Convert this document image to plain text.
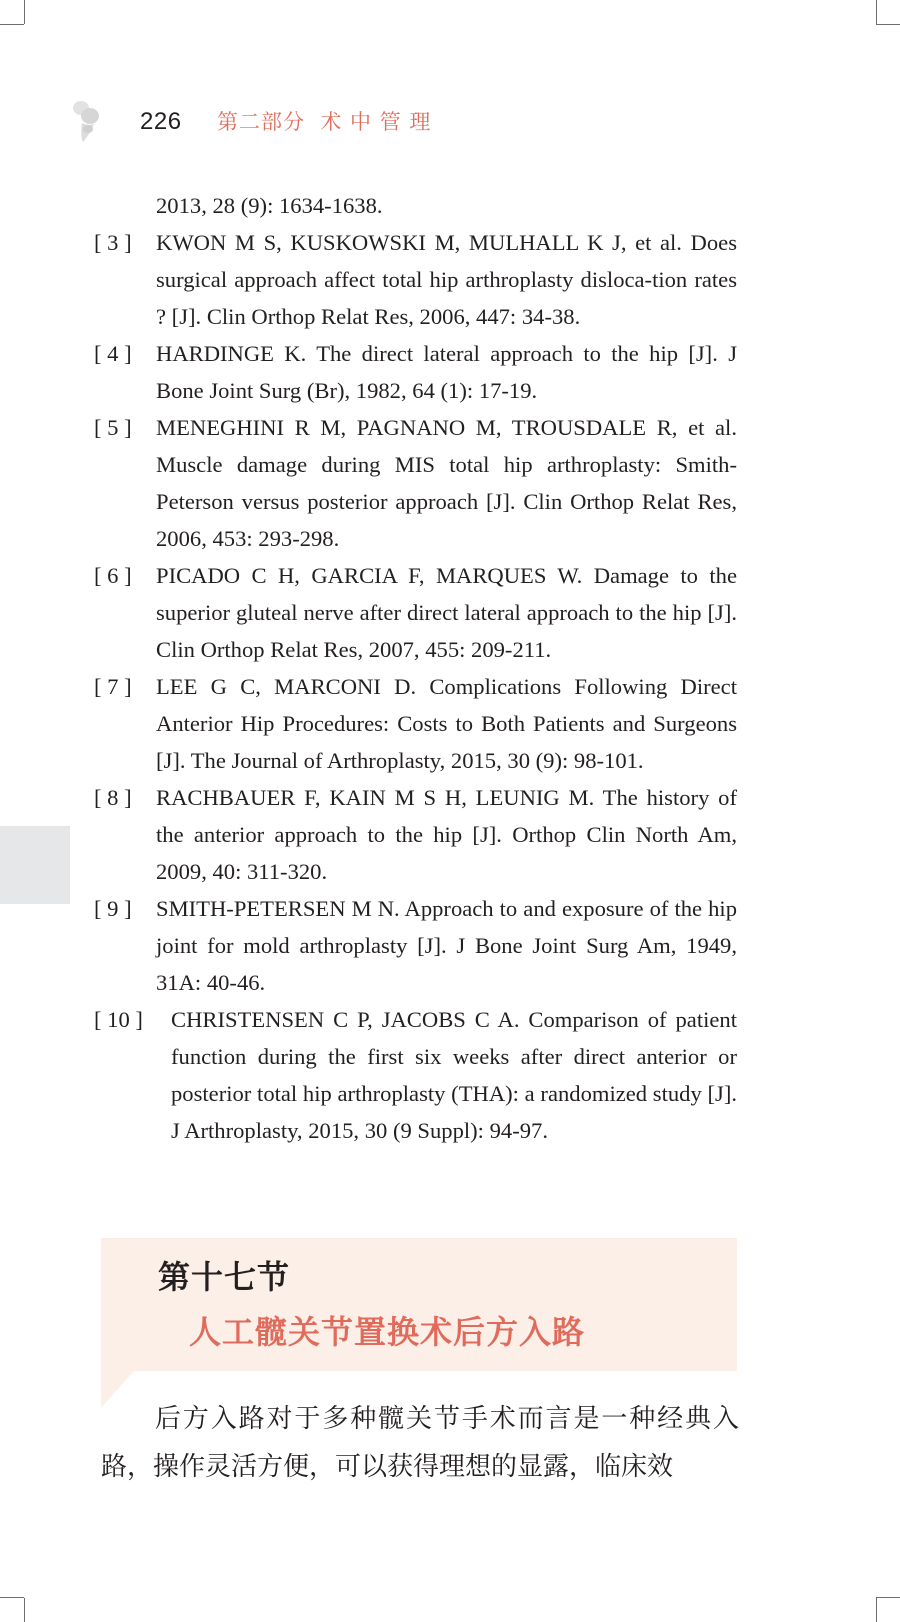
226 第二部分  术 中 管 理
2013, 28 (9): 1634-1638.
[ 3 ] KWON M S, KUSKOWSKI M, MULHALL K J, et al. Does surgical approach affect total hip arthroplasty disloca-tion rates ? [J]. Clin Orthop Relat Res, 2006, 447: 34-38.
[ 4 ] HARDINGE K. The direct lateral approach to the hip [J]. J Bone Joint Surg (Br), 1982, 64 (1): 17-19.
[ 5 ] MENEGHINI R M, PAGNANO M, TROUSDALE R, et al. Muscle damage during MIS total hip arthroplasty: Smith-Peterson versus posterior approach [J]. Clin Orthop Relat Res, 2006, 453: 293-298.
[ 6 ] PICADO C H, GARCIA F, MARQUES W. Damage to the superior gluteal nerve after direct lateral approach to the hip [J]. Clin Orthop Relat Res, 2007, 455: 209-211.
[ 7 ] LEE G C, MARCONI D. Complications Following Direct Anterior Hip Procedures: Costs to Both Patients and Surgeons [J]. The Journal of Arthroplasty, 2015, 30 (9): 98-101.
[ 8 ] RACHBAUER F, KAIN M S H, LEUNIG M. The history of the anterior approach to the hip [J]. Orthop Clin North Am, 2009, 40: 311-320.
[ 9 ] SMITH-PETERSEN M N. Approach to and exposure of the hip joint for mold arthroplasty [J]. J Bone Joint Surg Am, 1949, 31A: 40-46.
[ 10 ] CHRISTENSEN C P, JACOBS C A. Comparison of patient function during the first six weeks after direct anterior or posterior total hip arthroplasty (THA): a randomized study [J]. J Arthroplasty, 2015, 30 (9 Suppl): 94-97.
第十七节
人工髋关节置换术后方入路
后方入路对于多种髋关节手术而言是一种经典入路，操作灵活方便，可以获得理想的显露，临床效
